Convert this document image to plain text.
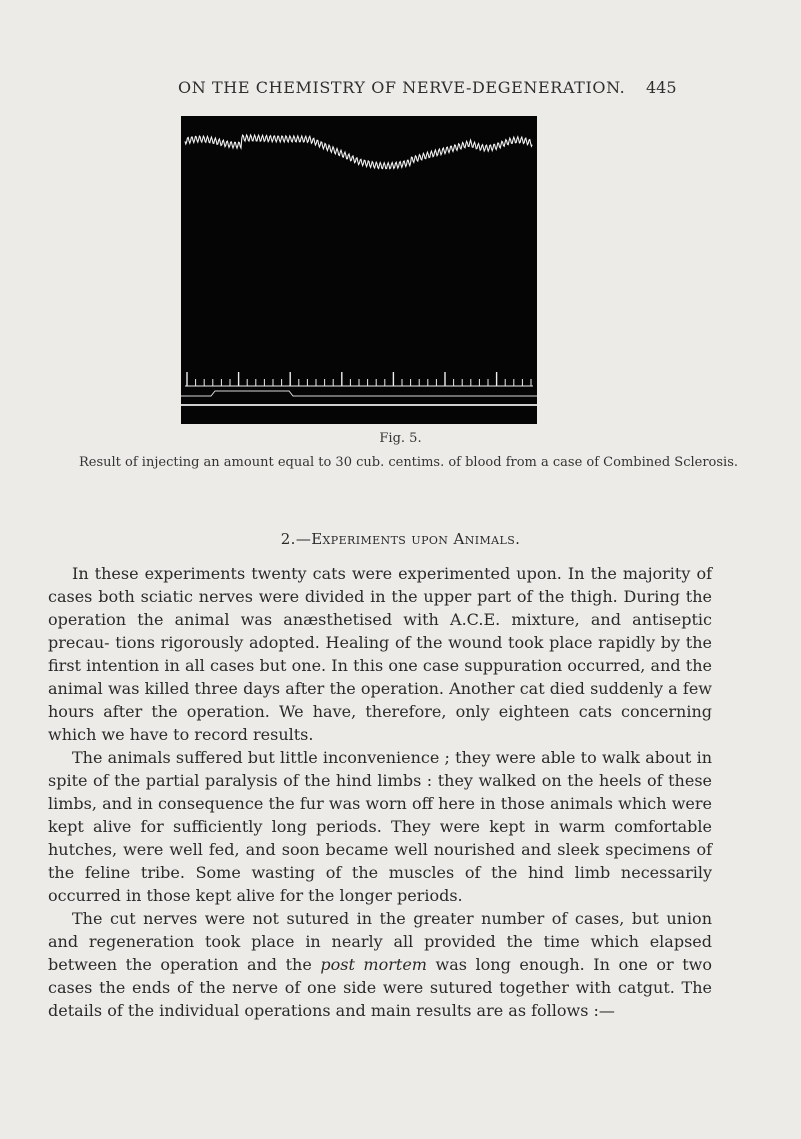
ON THE CHEMISTRY OF NERVE-DEGENERATION. 445
Fig. 5.
Result of injecting an amount equal to 30 cub. centims. of blood from a case of Combined Sclerosis.
2.—Experiments upon Animals.

In these experiments twenty cats were experimented upon. In the majority of cases both sciatic nerves were divided in the upper part of the thigh. During the operation the animal was anæsthetised with A.C.E. mixture, and antiseptic precau- tions rigorously adopted. Healing of the wound took place rapidly by the first intention in all cases but one. In this one case suppuration occurred, and the animal was killed three days after the operation. Another cat died suddenly a few hours after the operation. We have, therefore, only eighteen cats concerning which we have to record results.

The animals suffered but little inconvenience ; they were able to walk about in spite of the partial paralysis of the hind limbs : they walked on the heels of these limbs, and in consequence the fur was worn off here in those animals which were kept alive for sufficiently long periods. They were kept in warm comfortable hutches, were well fed, and soon became well nourished and sleek specimens of the feline tribe. Some wasting of the muscles of the hind limb necessarily occurred in those kept alive for the longer periods.

The cut nerves were not sutured in the greater number of cases, but union and regeneration took place in nearly all provided the time which elapsed between the operation and the post mortem was long enough. In one or two cases the ends of the nerve of one side were sutured together with catgut. The details of the individual operations and main results are as follows :—
